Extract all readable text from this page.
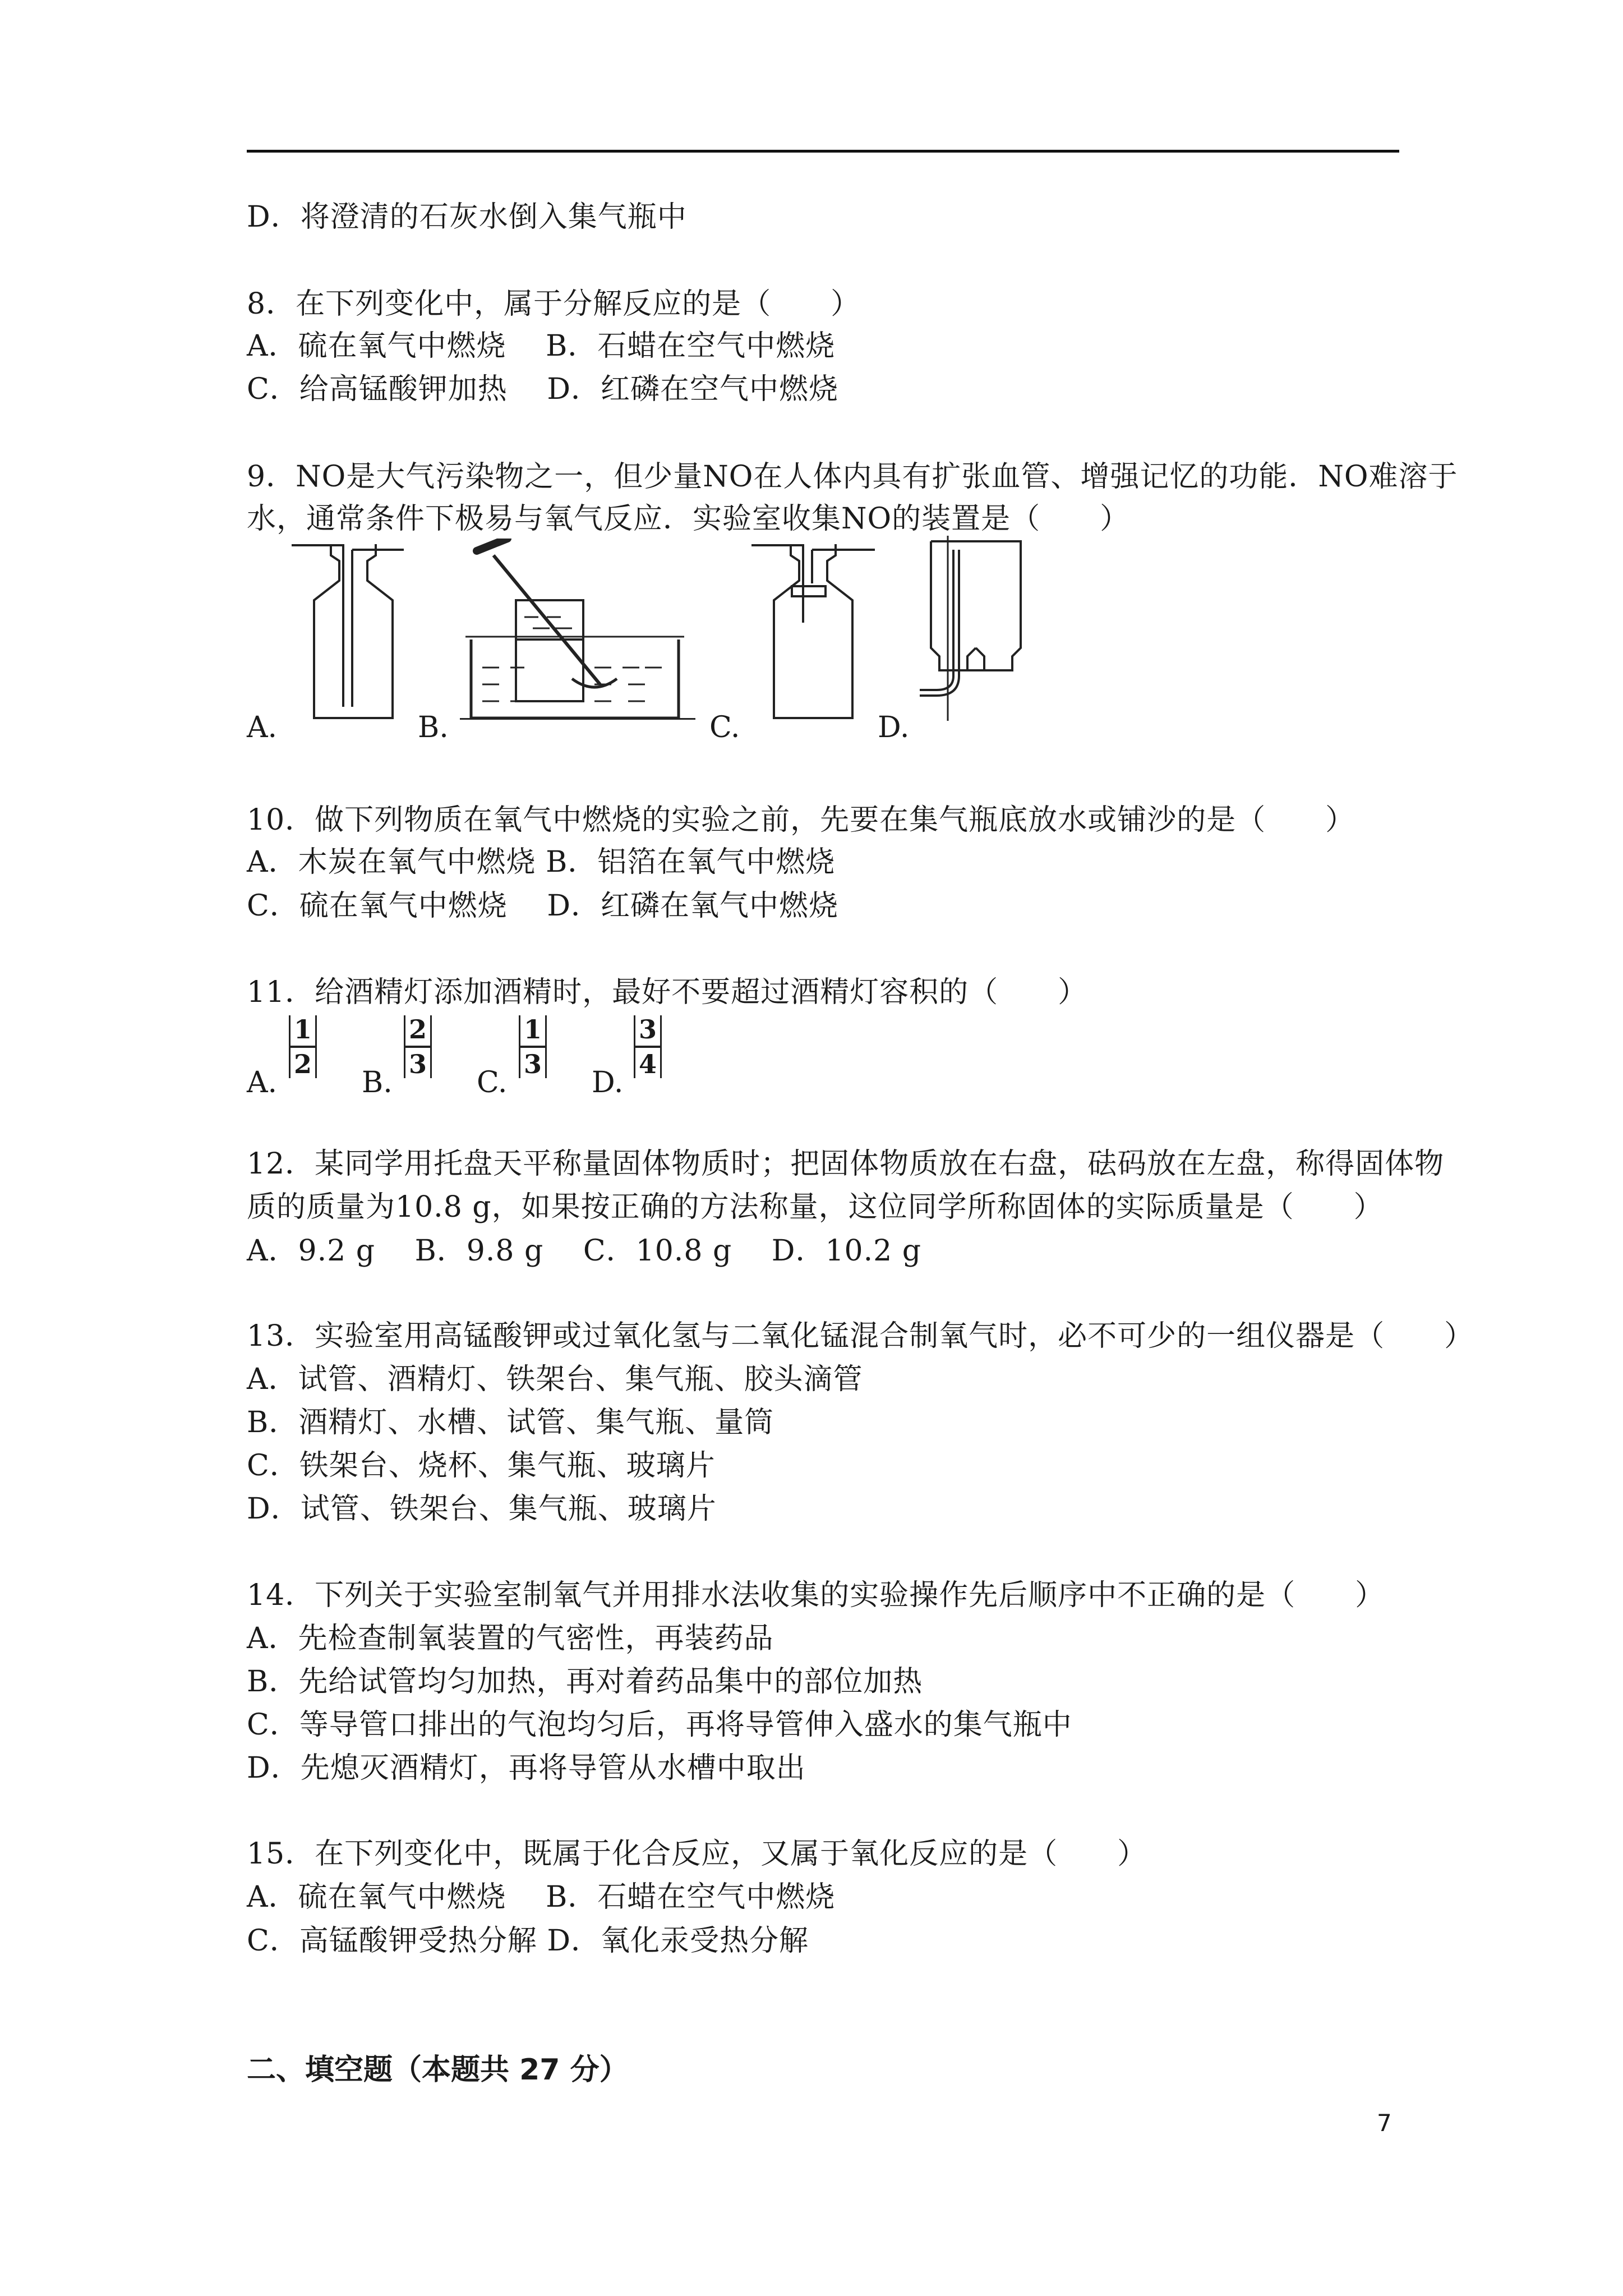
D．将澄清的石灰水倒入集气瓶中
8．在下列变化中，属于分解反应的是（　　）
A．硫在氧气中燃烧　 B．石蜡在空气中燃烧
C．给高锰酸钾加热　 D．红磷在空气中燃烧
9．NO是大气污染物之一，但少量NO在人体内具有扩张血管、增强记忆的功能．NO难溶于
水，通常条件下极易与氧气反应．实验室收集NO的装置是（　　）
A.	B.	C.	D.
10．做下列物质在氧气中燃烧的实验之前，先要在集气瓶底放水或铺沙的是（　　）
A．木炭在氧气中燃烧 B．铝箔在氧气中燃烧
C．硫在氧气中燃烧　 D．红磷在氧气中燃烧
11．给酒精灯添加酒精时，最好不要超过酒精灯容积的（　　）
A.
$\frac{1}{2}$
B.
$\frac{2}{3}$
C.
$\frac{1}{3}$
D.
$\frac{3}{4}$
12．某同学用托盘天平称量固体物质时；把固体物质放在右盘，砝码放在左盘，称得固体物
质的质量为10.8 g，如果按正确的方法称量，这位同学所称固体的实际质量是（　　）
A．9.2 g　 B．9.8 g　 C．10.8 g　 D．10.2 g
13．实验室用高锰酸钾或过氧化氢与二氧化锰混合制氧气时，必不可少的一组仪器是（　　）
A．试管、酒精灯、铁架台、集气瓶、胶头滴管
B．酒精灯、水槽、试管、集气瓶、量筒
C．铁架台、烧杯、集气瓶、玻璃片
D．试管、铁架台、集气瓶、玻璃片
14．下列关于实验室制氧气并用排水法收集的实验操作先后顺序中不正确的是（　　）
A．先检查制氧装置的气密性，再装药品
B．先给试管均匀加热，再对着药品集中的部位加热
C．等导管口排出的气泡均匀后，再将导管伸入盛水的集气瓶中
D．先熄灭酒精灯，再将导管从水槽中取出
15．在下列变化中，既属于化合反应，又属于氧化反应的是（　　）
A．硫在氧气中燃烧　 B．石蜡在空气中燃烧
C．高锰酸钾受热分解 D．氧化汞受热分解
二、填空题（本题共 27 分）
7
